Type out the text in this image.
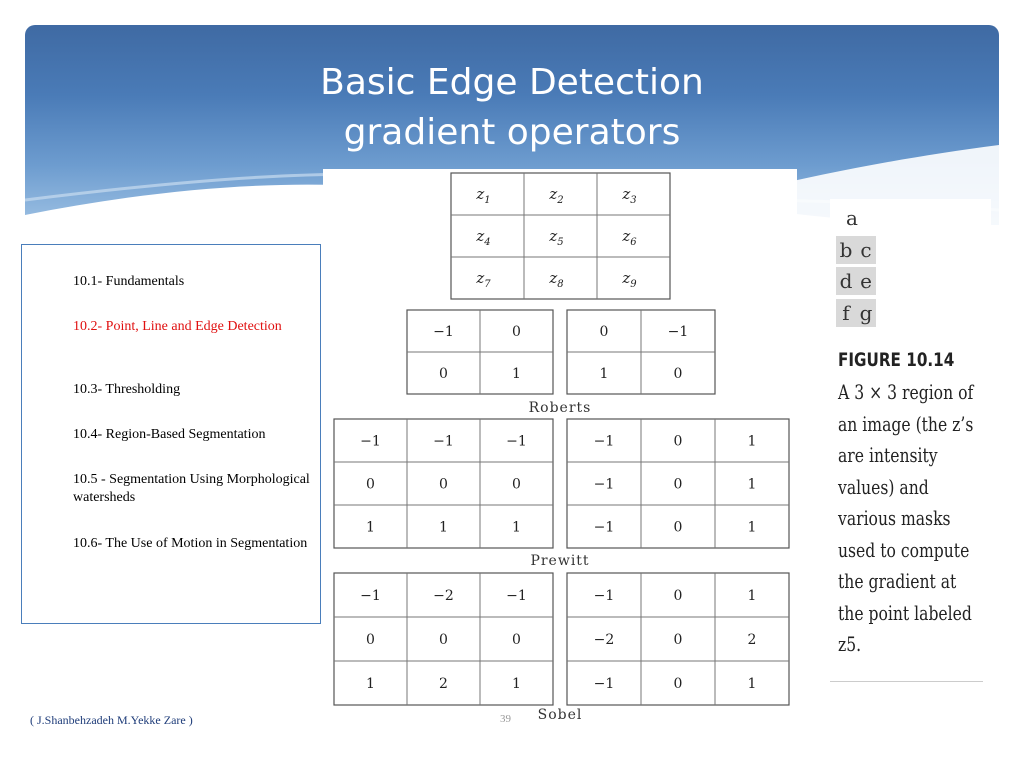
Basic Edge Detection
gradient operators
10.1- Fundamentals
10.2- Point, Line and Edge Detection
10.3- Thresholding
10.4- Region-Based Segmentation
10.5 - Segmentation Using Morphological watersheds
10.6- The Use of Motion in Segmentation
$z_1$	$z_2$	$z_3$
$z_4$	$z_5$	$z_6$
$z_7$	$z_8$	$z_9$
−1	0
0	1
0	−1
1	0
Roberts
−1	−1	−1
0	0	0
1	1	1
−1	0	1
−1	0	1
−1	0	1
Prewitt
−1	−2	−1
0	0	0
1	2	1
−1	0	1
−2	0	2
−1	0	1
Sobel
a
b c
d e
f g
FIGURE 10.14
A 3 × 3 region of an image (the z’s are intensity values) and various masks used to compute the gradient at the point labeled z5.
( J.Shanbehzadeh M.Yekke Zare )	39
